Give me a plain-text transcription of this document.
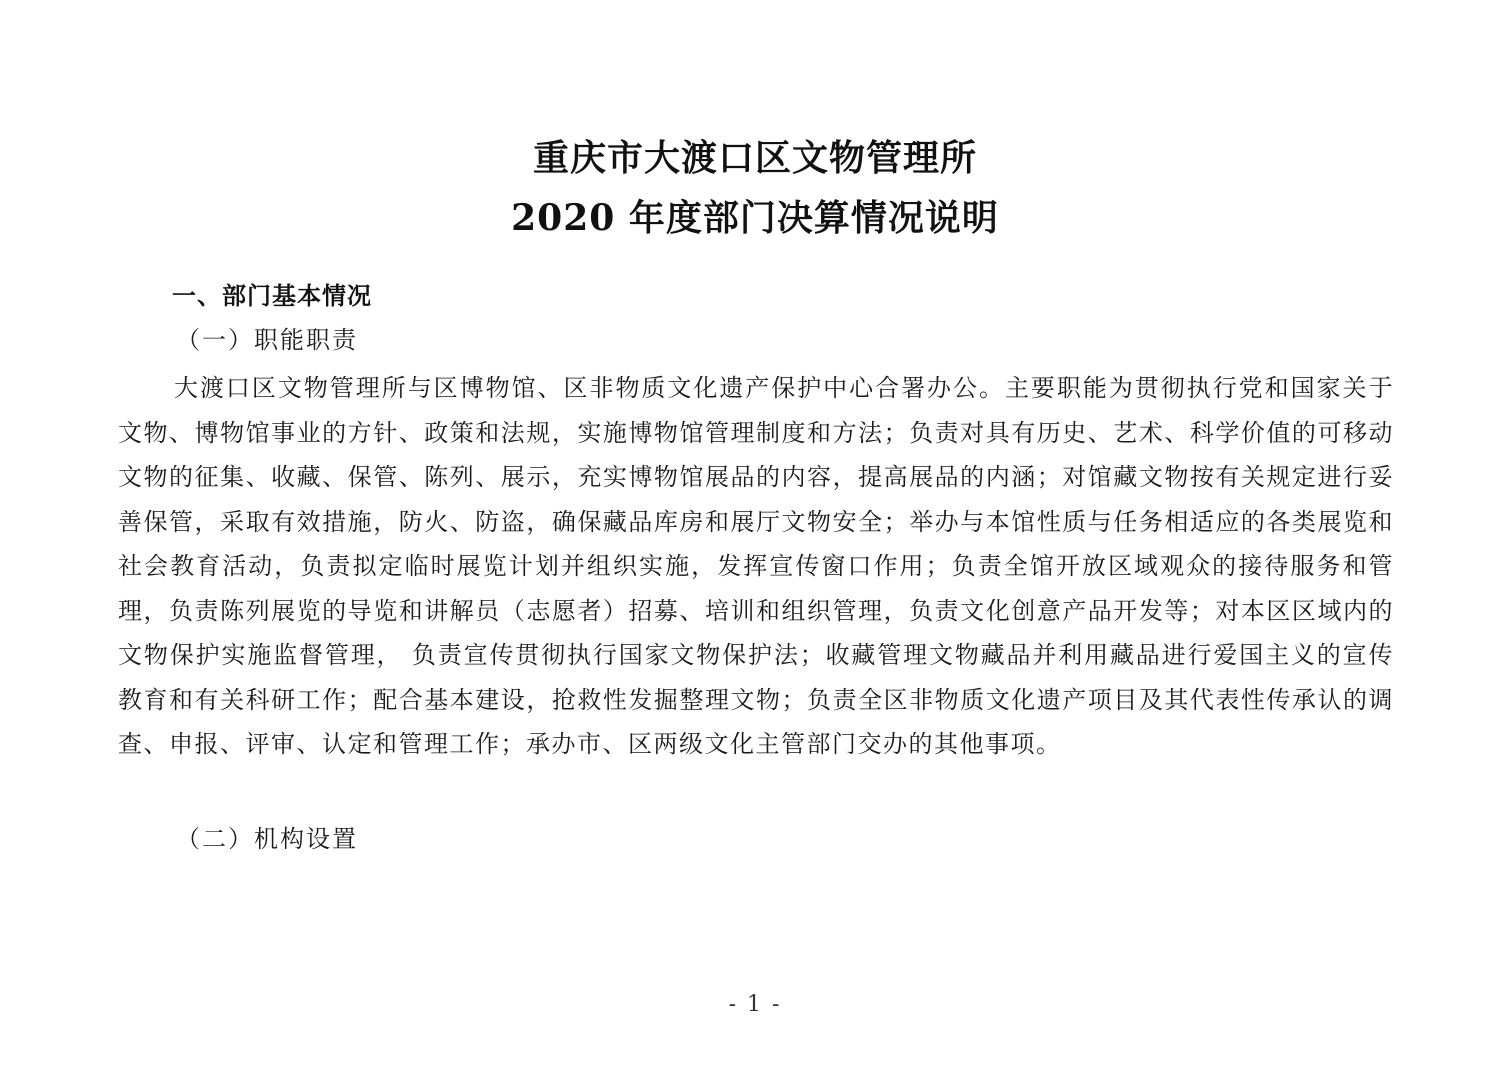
重庆市大渡口区文物管理所
2020 年度部门决算情况说明
一、部门基本情况
（一）职能职责

大渡口区文物管理所与区博物馆、区非物质文化遗产保护中心合署办公。主要职能为贯彻执行党和国家关于文物、博物馆事业的方针、政策和法规，实施博物馆管理制度和方法；负责对具有历史、艺术、科学价值的可移动文物的征集、收藏、保管、陈列、展示，充实博物馆展品的内容，提高展品的内涵；对馆藏文物按有关规定进行妥善保管，采取有效措施，防火、防盗，确保藏品库房和展厅文物安全；举办与本馆性质与任务相适应的各类展览和社会教育活动，负责拟定临时展览计划并组织实施，发挥宣传窗口作用；负责全馆开放区域观众的接待服务和管理，负责陈列展览的导览和讲解员（志愿者）招募、培训和组织管理，负责文化创意产品开发等；对本区区域内的文物保护实施监督管理， 负责宣传贯彻执行国家文物保护法；收藏管理文物藏品并利用藏品进行爱国主义的宣传教育和有关科研工作；配合基本建设，抢救性发掘整理文物；负责全区非物质文化遗产项目及其代表性传承认的调查、申报、评审、认定和管理工作；承办市、区两级文化主管部门交办的其他事项。

（二）机构设置
- 1 -
